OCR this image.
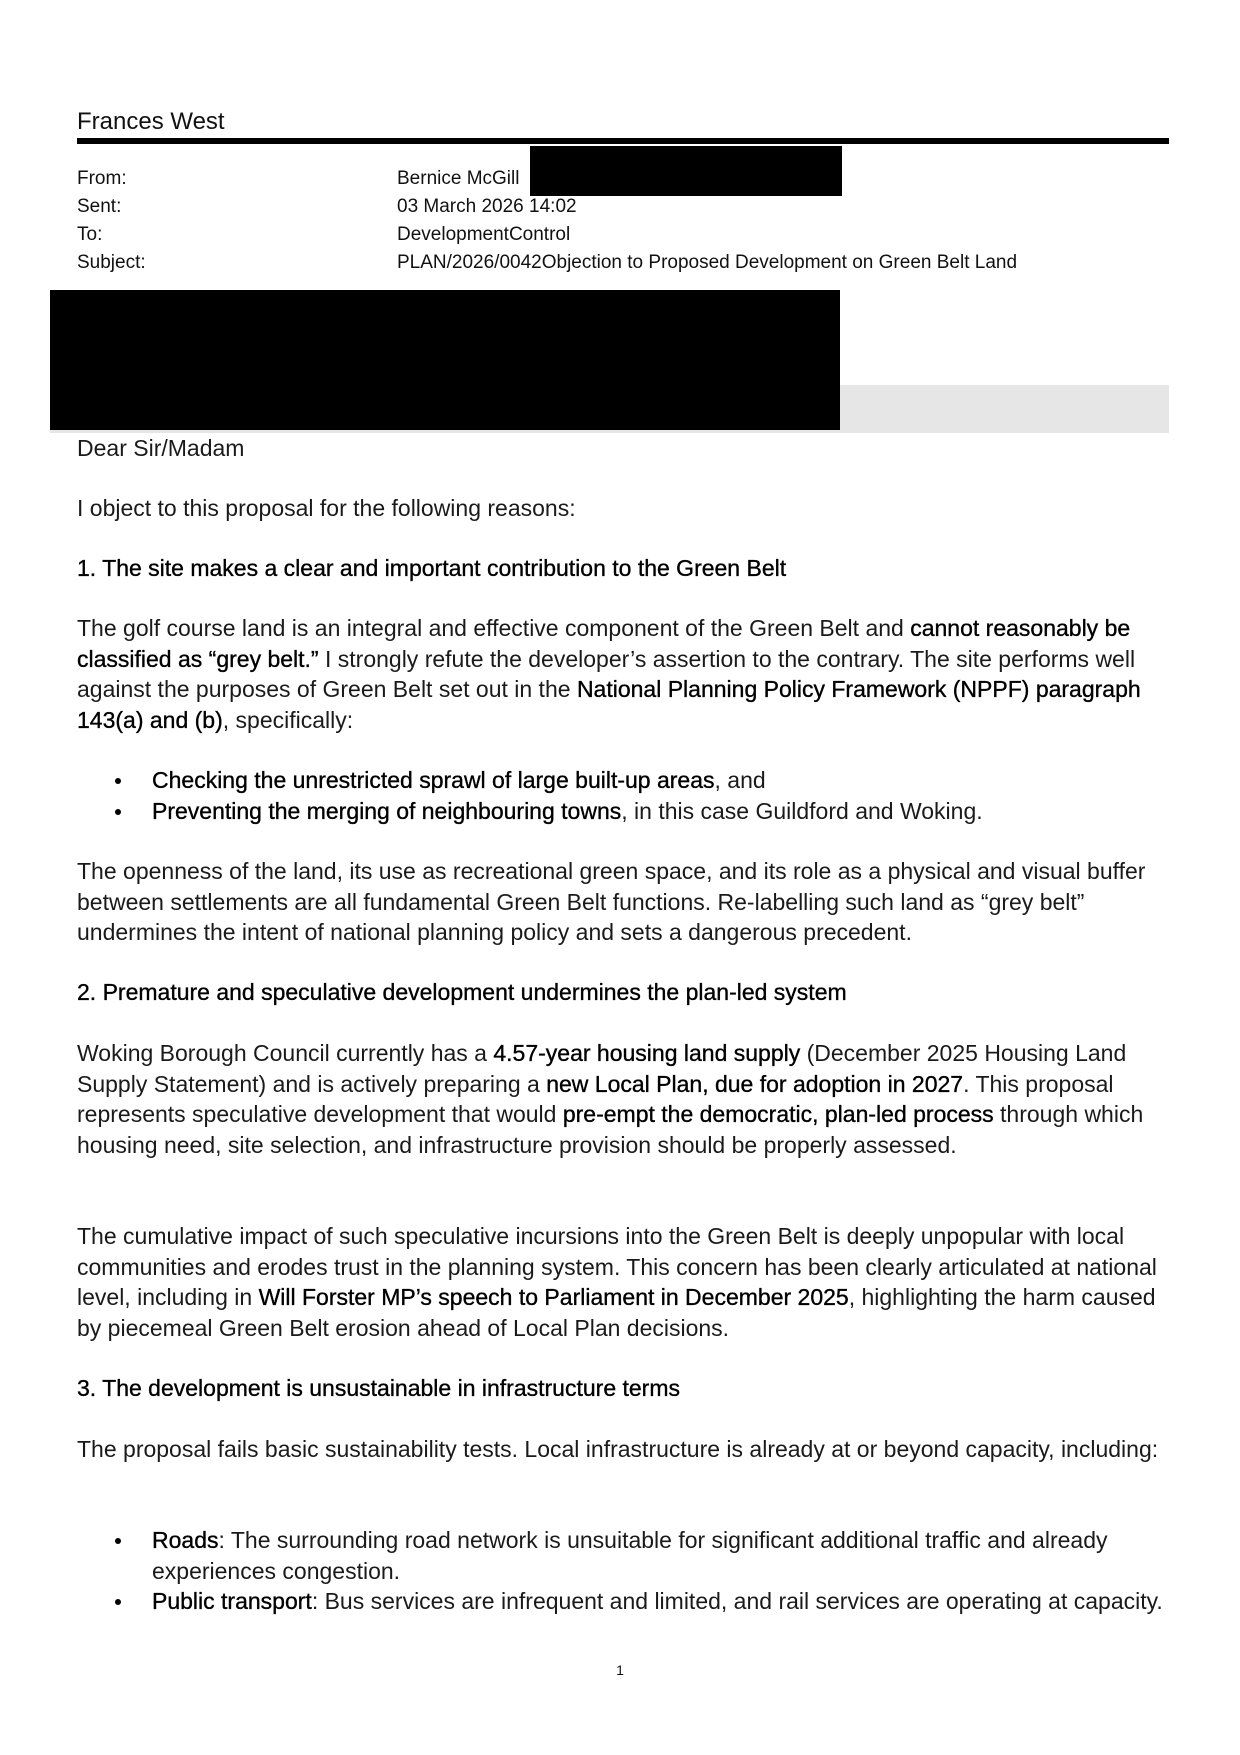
Frances West
From:	Bernice McGill
Sent:	03 March 2026 14:02
To:	DevelopmentControl
Subject:	PLAN/2026/0042Objection to Proposed Development on Green Belt Land
Dear Sir/Madam
I object to this proposal for the following reasons:
1. The site makes a clear and important contribution to the Green Belt

The golf course land is an integral and effective component of the Green Belt and cannot reasonably be classified as “grey belt.” I strongly refute the developer’s assertion to the contrary. The site performs well against the purposes of Green Belt set out in the National Planning Policy Framework (NPPF) paragraph 143(a) and (b), specifically:

Checking the unrestricted sprawl of large built-up areas, and
Preventing the merging of neighbouring towns, in this case Guildford and Woking.
The openness of the land, its use as recreational green space, and its role as a physical and visual buffer between settlements are all fundamental Green Belt functions. Re-labelling such land as “grey belt” undermines the intent of national planning policy and sets a dangerous precedent.
2. Premature and speculative development undermines the plan-led system

Woking Borough Council currently has a 4.57-year housing land supply (December 2025 Housing Land Supply Statement) and is actively preparing a new Local Plan, due for adoption in 2027. This proposal represents speculative development that would pre-empt the democratic, plan-led process through which housing need, site selection, and infrastructure provision should be properly assessed.

The cumulative impact of such speculative incursions into the Green Belt is deeply unpopular with local communities and erodes trust in the planning system. This concern has been clearly articulated at national level, including in Will Forster MP’s speech to Parliament in December 2025, highlighting the harm caused by piecemeal Green Belt erosion ahead of Local Plan decisions.

3. The development is unsustainable in infrastructure terms
The proposal fails basic sustainability tests. Local infrastructure is already at or beyond capacity, including:
Roads: The surrounding road network is unsuitable for significant additional traffic and already experiences congestion.
Public transport: Bus services are infrequent and limited, and rail services are operating at capacity.
1
